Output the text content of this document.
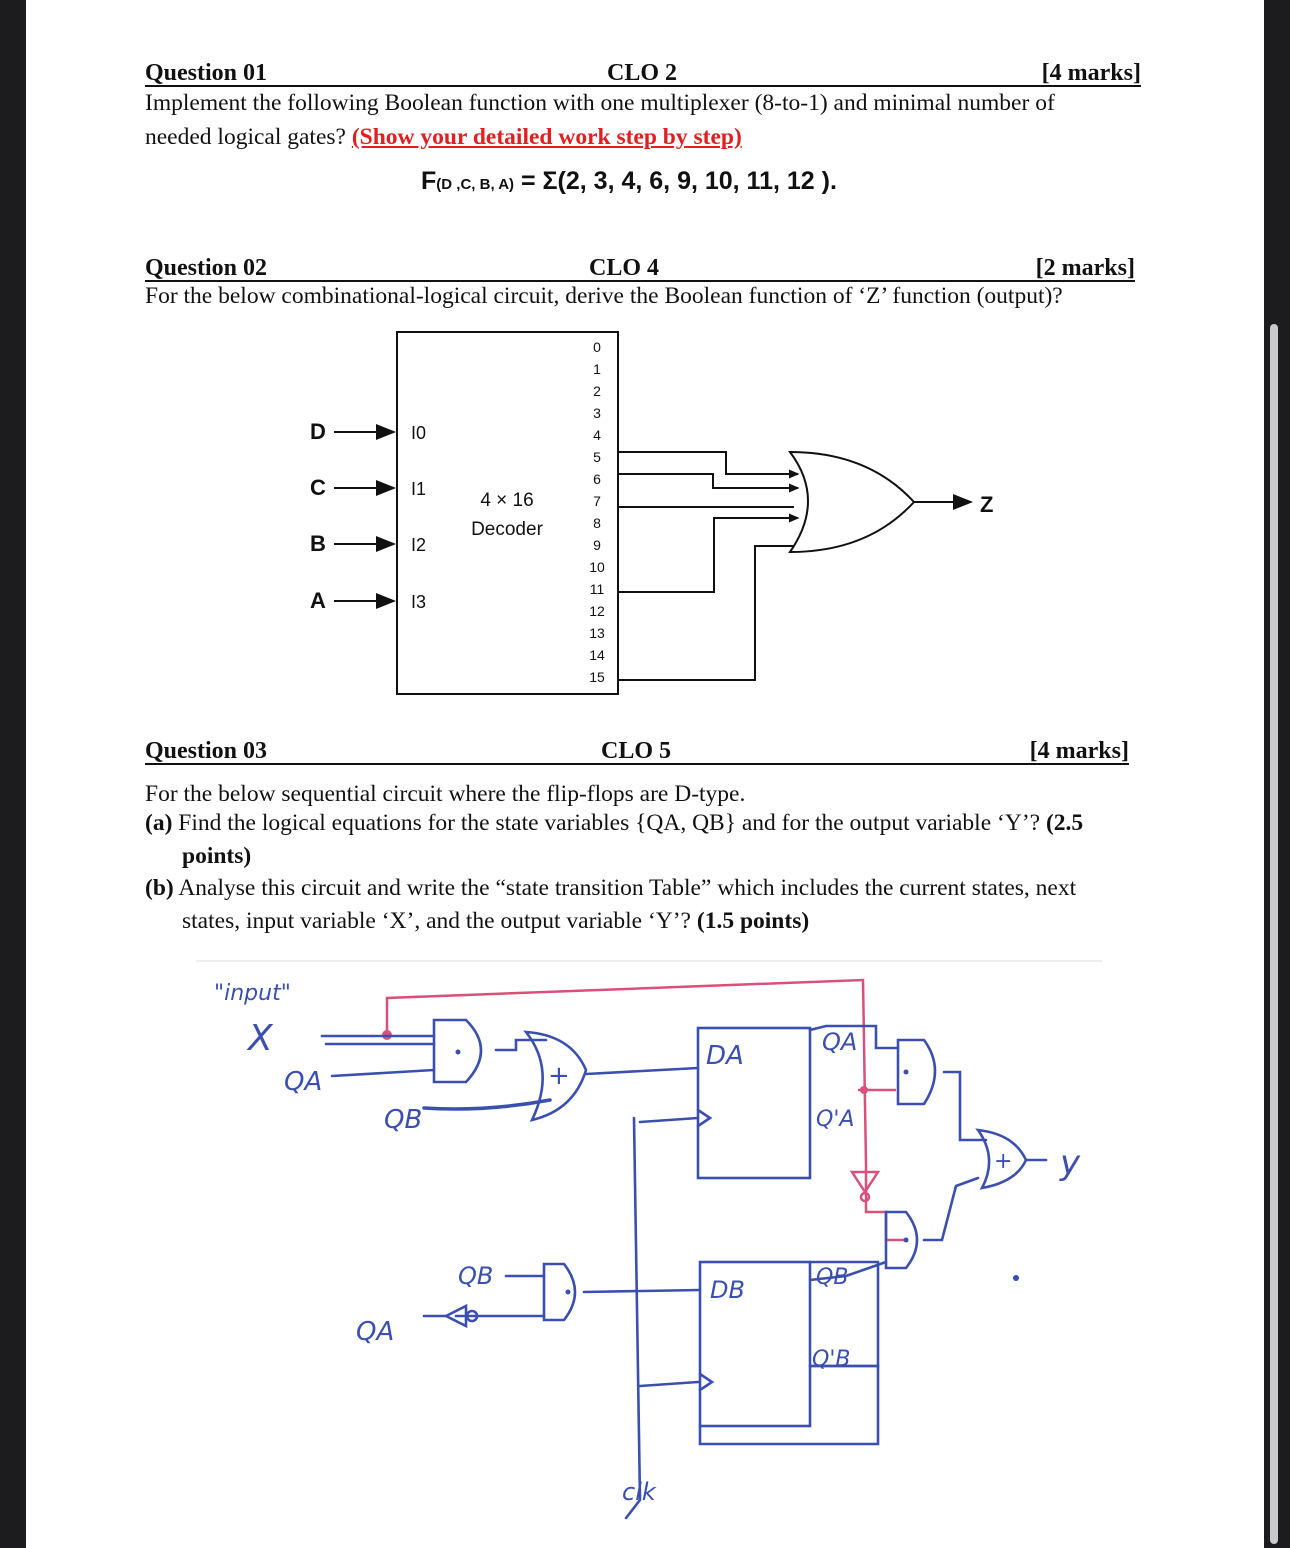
Question 01	CLO 2	[4 marks]
Implement the following Boolean function with one multiplexer (8-to-1) and minimal number of
needed logical gates? (Show your detailed work step by step)
F(D ,C, B, A) = Σ(2, 3, 4, 6, 9, 10, 11, 12 ).
Question 02	CLO 4	[2 marks]
For the below combinational-logical circuit, derive the Boolean function of ‘Z’ function (output)?
4 × 16
Decoder
D	I0
C	I1
B	I2
A	I3
0
1
2
3
4
5
6
7
8
9
10
11
12
13
14
15
Z
Question 03	CLO 5	[4 marks]
For the below sequential circuit where the flip-flops are D-type.
(a) Find the logical equations for the state variables {QA, QB} and for the output variable ‘Y’? (2.5
points)
(b) Analyse this circuit and write the “state transition Table” which includes the current states, next
states, input variable ‘X’, and the output variable ‘Y’? (1.5 points)
"input"
X
QA
QB
+
DA	QA
Q'A
+ y
QB
QA
DB	QB
Q'B
clk
